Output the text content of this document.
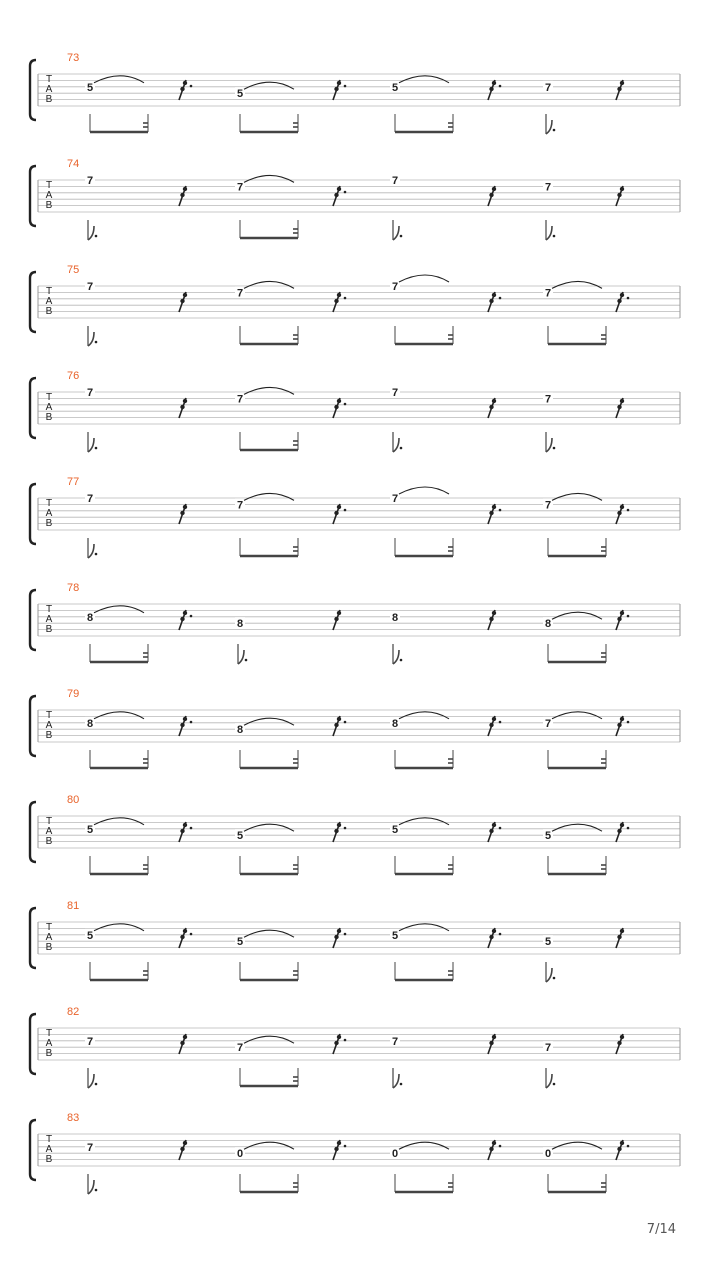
73
T
A
B
5
5
5	7
74
T
A
B
7
7
7
7
75
T
A
B
7
7
7
7
76
T
A
B
7
7
7
7
77
T
A
B
7
7
7
7
78
T
A
B
8
8
8
8
79
T
A
B
8
8
8	7
80
T
A
B
5
5
5
5
81
T
A
B
5
5
5
5
82
T
A
B
7
7
7
7
83
T
A
B
7
0	0	0
7/14
